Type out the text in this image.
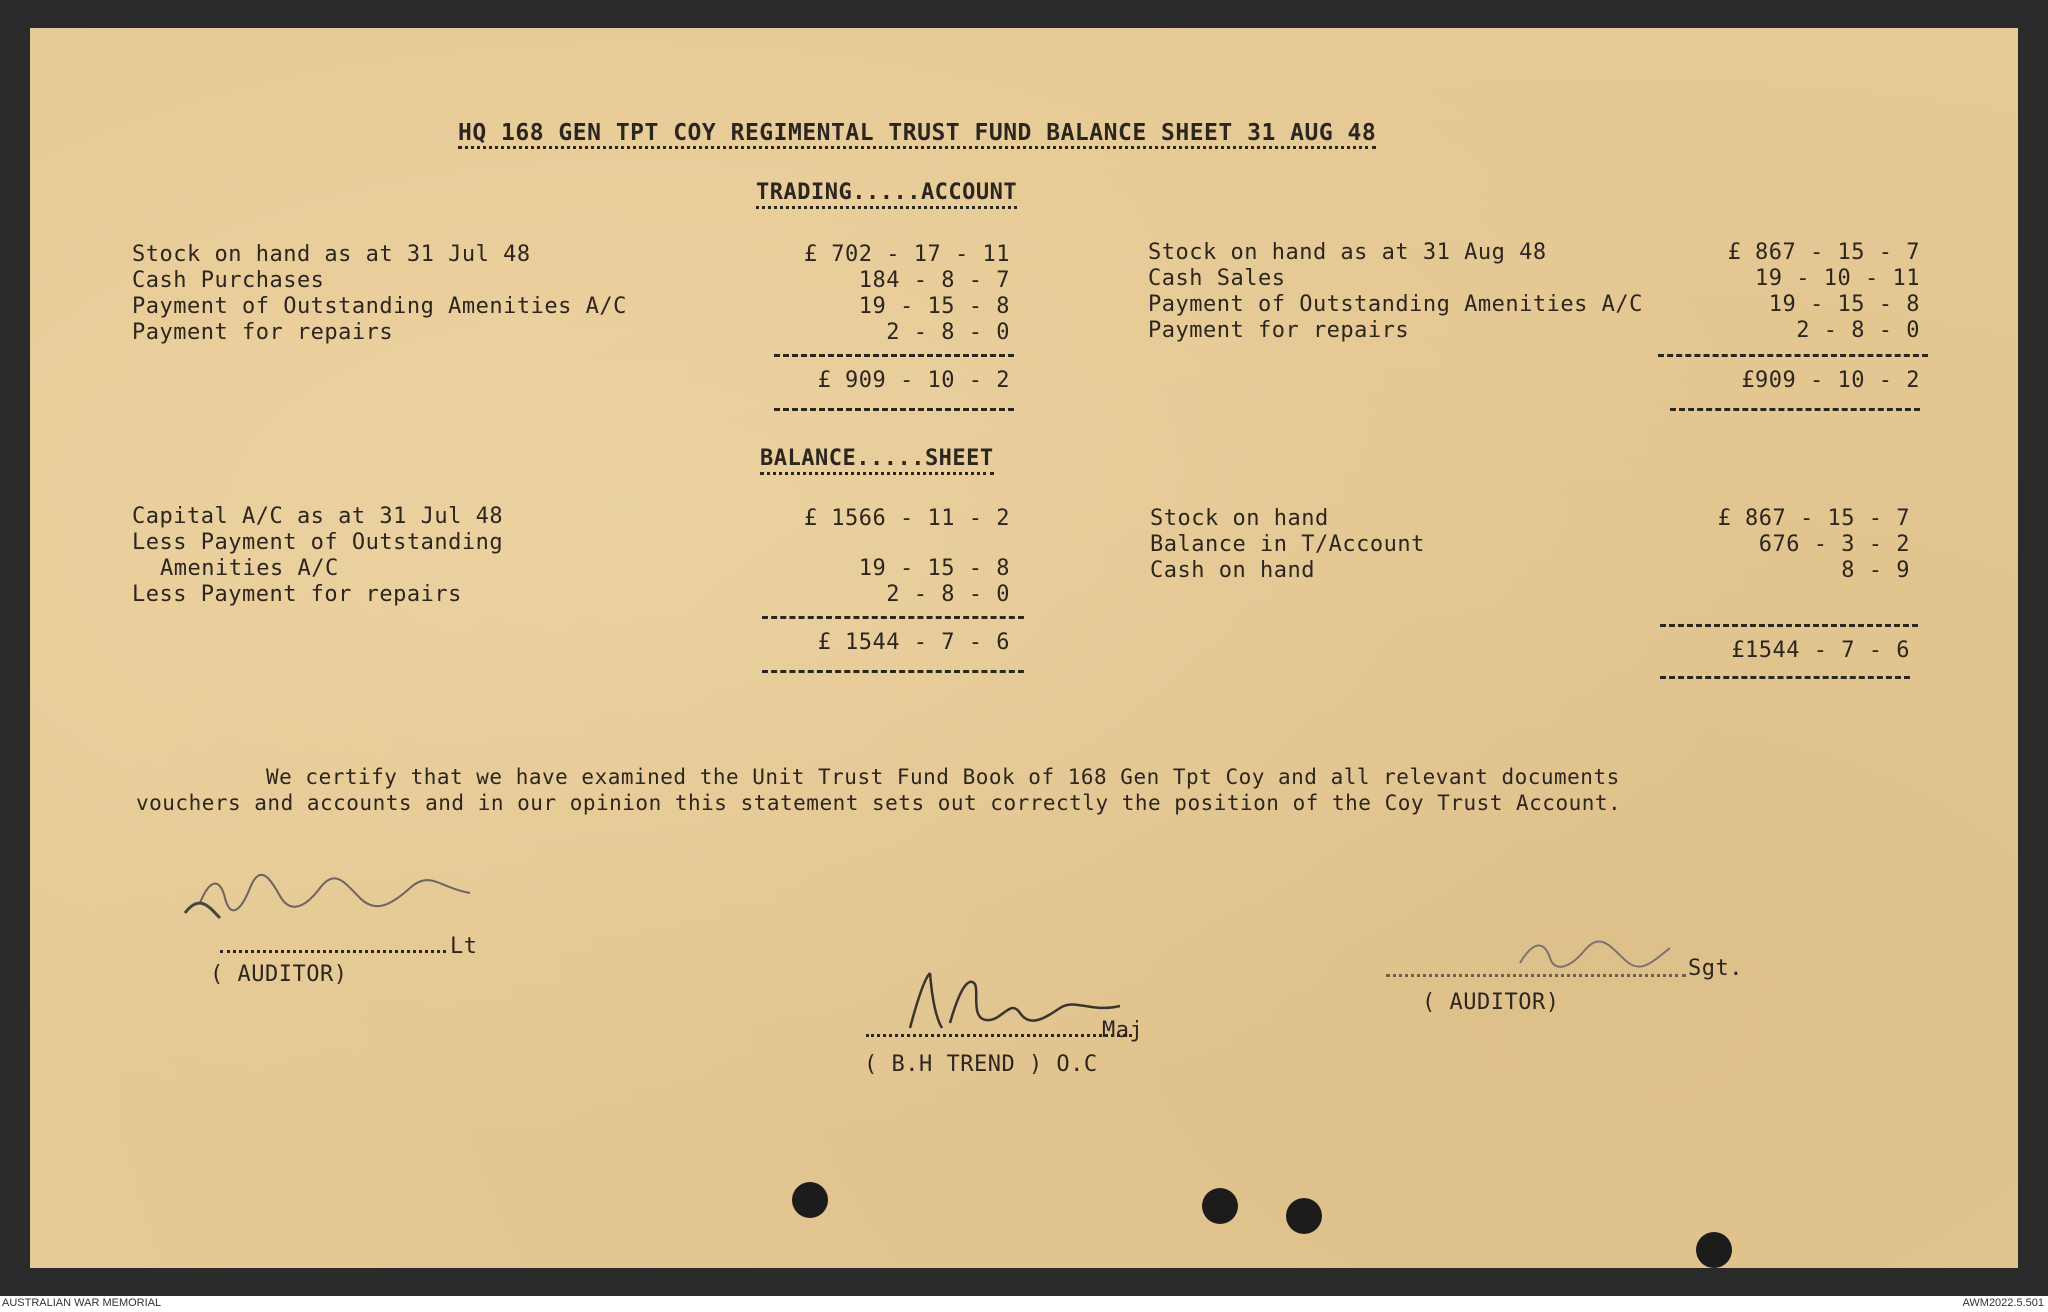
HQ 168 GEN TPT COY REGIMENTAL TRUST FUND BALANCE SHEET 31 AUG 48
TRADING.....ACCOUNT
Stock on hand as at 31 Jul 48
Cash Purchases
Payment of Outstanding Amenities A/C
Payment for repairs
£ 702 - 17 - 11
184 - 8 - 7
19 - 15 - 8
2 - 8 - 0
£ 909 - 10 - 2
Stock on hand as at 31 Aug 48
Cash Sales
Payment of Outstanding Amenities A/C
Payment for repairs
£ 867 - 15 - 7
19 - 10 - 11
19 - 15 - 8
2 - 8 - 0
£909 - 10 - 2
BALANCE.....SHEET
Capital A/C as at 31 Jul 48
Less Payment of Outstanding
Amenities A/C
Less Payment for repairs
£ 1566 - 11 - 2
19 - 15 - 8
2 - 8 - 0
£ 1544 - 7 - 6
Stock on hand
Balance in T/Account
Cash on hand
£ 867 - 15 - 7
676 - 3 - 2
8 - 9
£1544 - 7 - 6
We certify that we have examined the Unit Trust Fund Book of 168 Gen Tpt Coy and all relevant documents
vouchers and accounts and in our opinion this statement sets out correctly the position of the Coy Trust Account.
Lt
( AUDITOR)	Sgt.
( AUDITOR)
Maj
( B.H TREND ) O.C
AUSTRALIAN WAR MEMORIAL	AWM2022.5.501
